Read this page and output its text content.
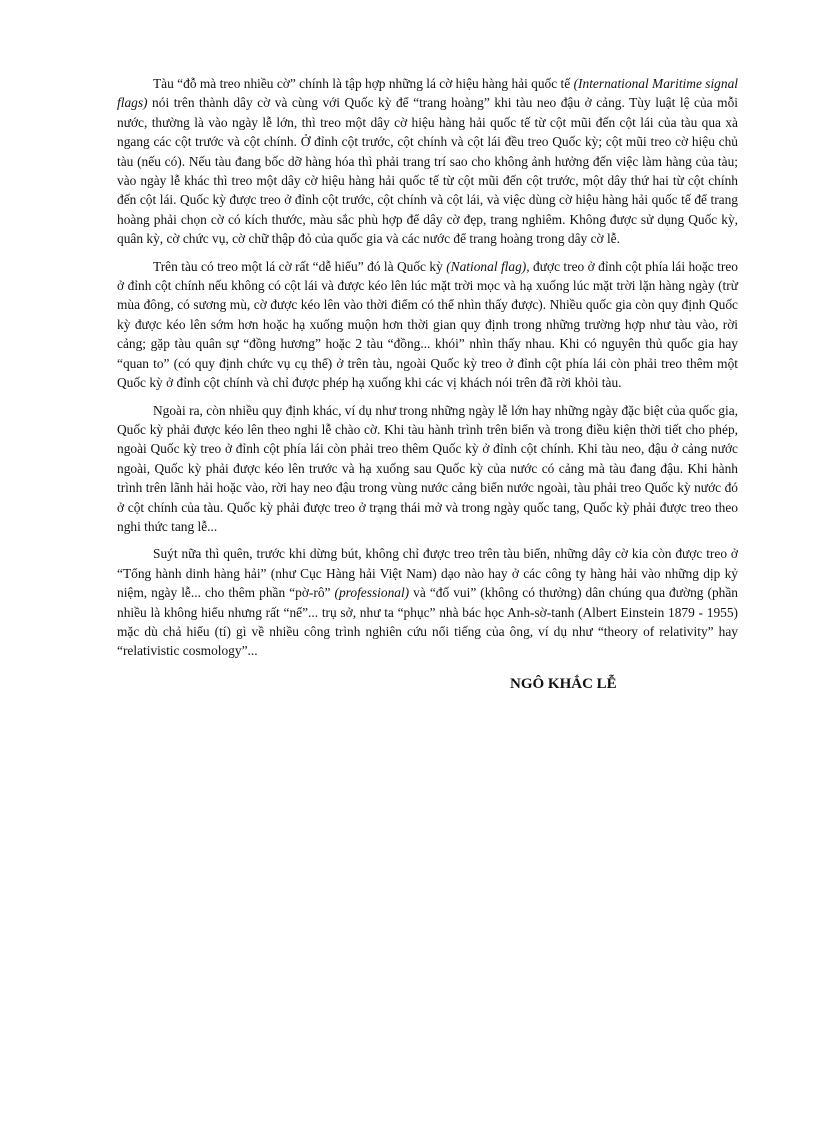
Tàu “đỗ mà treo nhiều cờ” chính là tập hợp những lá cờ hiệu hàng hải quốc tế (International Maritime signal flags) nói trên thành dây cờ và cùng với Quốc kỳ để “trang hoàng” khi tàu neo đậu ở cảng. Tùy luật lệ của mỗi nước, thường là vào ngày lễ lớn, thì treo một dây cờ hiệu hàng hải quốc tế từ cột mũi đến cột lái của tàu qua xà ngang các cột trước và cột chính. Ở đỉnh cột trước, cột chính và cột lái đều treo Quốc kỳ; cột mũi treo cờ hiệu chủ tàu (nếu có). Nếu tàu đang bốc dỡ hàng hóa thì phải trang trí sao cho không ảnh hưởng đến việc làm hàng của tàu; vào ngày lễ khác thì treo một dây cờ hiệu hàng hải quốc tế từ cột mũi đến cột trước, một dây thứ hai từ cột chính đến cột lái. Quốc kỳ được treo ở đỉnh cột trước, cột chính và cột lái, và việc dùng cờ hiệu hàng hải quốc tế để trang hoàng phải chọn cờ có kích thước, màu sắc phù hợp để dây cờ đẹp, trang nghiêm. Không được sử dụng Quốc kỳ, quân kỳ, cờ chức vụ, cờ chữ thập đỏ của quốc gia và các nước để trang hoàng trong dây cờ lễ.

Trên tàu có treo một lá cờ rất “dễ hiểu” đó là Quốc kỳ (National flag), được treo ở đỉnh cột phía lái hoặc treo ở đỉnh cột chính nếu không có cột lái và được kéo lên lúc mặt trời mọc và hạ xuống lúc mặt trời lặn hàng ngày (trừ mùa đông, có sương mù, cờ được kéo lên vào thời điểm có thể nhìn thấy được). Nhiều quốc gia còn quy định Quốc kỳ được kéo lên sớm hơn hoặc hạ xuống muộn hơn thời gian quy định trong những trường hợp như tàu vào, rời cảng; gặp tàu quân sự “đồng hương” hoặc 2 tàu “đồng... khói” nhìn thấy nhau. Khi có nguyên thủ quốc gia hay “quan to” (có quy định chức vụ cụ thể) ở trên tàu, ngoài Quốc kỳ treo ở đỉnh cột phía lái còn phải treo thêm một Quốc kỳ ở đỉnh cột chính và chỉ được phép hạ xuống khi các vị khách nói trên đã rời khỏi tàu.

Ngoài ra, còn nhiều quy định khác, ví dụ như trong những ngày lễ lớn hay những ngày đặc biệt của quốc gia, Quốc kỳ phải được kéo lên theo nghi lễ chào cờ. Khi tàu hành trình trên biển và trong điều kiện thời tiết cho phép, ngoài Quốc kỳ treo ở đỉnh cột phía lái còn phải treo thêm Quốc kỳ ở đỉnh cột chính. Khi tàu neo, đậu ở cảng nước ngoài, Quốc kỳ phải được kéo lên trước và hạ xuống sau Quốc kỳ của nước có cảng mà tàu đang đậu. Khi hành trình trên lãnh hải hoặc vào, rời hay neo đậu trong vùng nước cảng biển nước ngoài, tàu phải treo Quốc kỳ nước đó ở cột chính của tàu. Quốc kỳ phải được treo ở trạng thái mở và trong ngày quốc tang, Quốc kỳ phải được treo theo nghi thức tang lễ...

Suýt nữa thì quên, trước khi dừng bút, không chỉ được treo trên tàu biển, những dây cờ kia còn được treo ở “Tổng hành dinh hàng hải” (như Cục Hàng hải Việt Nam) dạo nào hay ở các công ty hàng hải vào những dịp kỷ niệm, ngày lễ... cho thêm phần “pờ-rô” (professional) và “đố vui” (không có thưởng) dân chúng qua đường (phần nhiều là không hiểu nhưng rất “nể”... trụ sở, như ta “phục” nhà bác học Anh-sờ-tanh (Albert Einstein 1879 - 1955) mặc dù chả hiểu (tí) gì về nhiều công trình nghiên cứu nổi tiếng của ông, ví dụ như “theory of relativity” hay “relativistic cosmology”...

NGÔ KHẮC LỄ
